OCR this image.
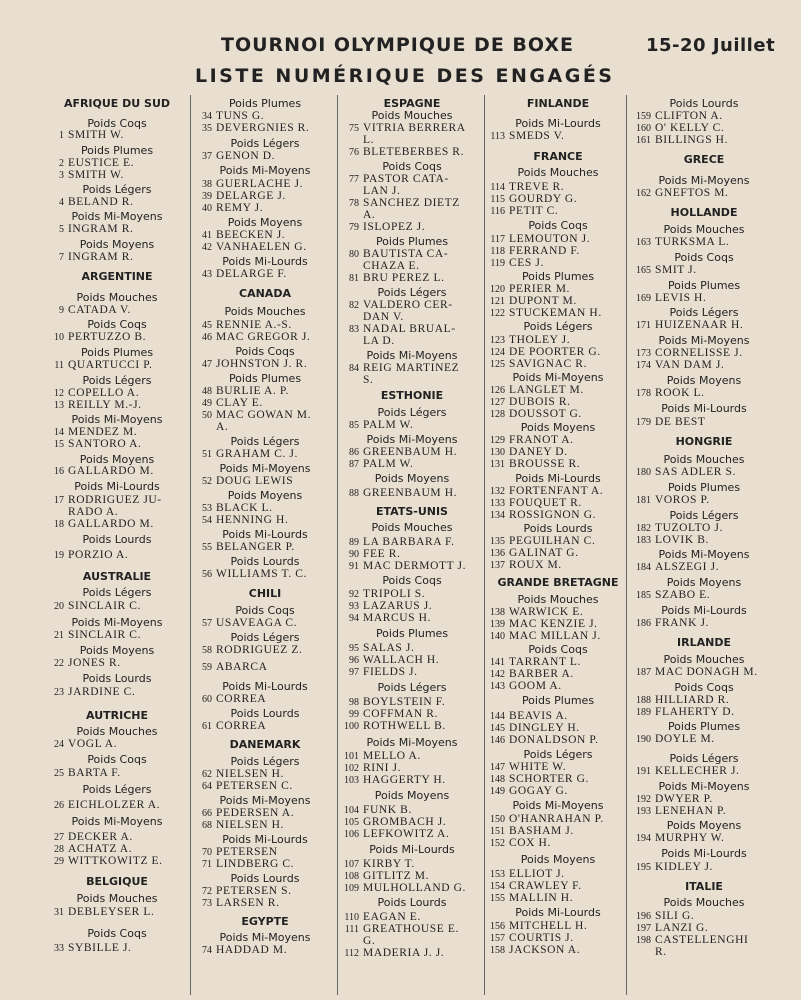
TOURNOI OLYMPIQUE DE BOXE	15-20 Juillet
LISTE NUMÉRIQUE DES ENGAGÉS
AFRIQUE DU SUD
Poids Coqs
1 SMITH W.
Poids Plumes
2 EUSTICE E.
3 SMITH W.
Poids Légers
4 BELAND R.
Poids Mi-Moyens
5 INGRAM R.
Poids Moyens
7 INGRAM R.
ARGENTINE
Poids Mouches
9 CATADA V.
Poids Coqs
10 PERTUZZO B.
Poids Plumes
11 QUARTUCCI P.
Poids Légers
12 COPELLO A.
13 REILLY M.-J.
Poids Mi-Moyens
14 MENDEZ M.
15 SANTORO A.
Poids Moyens
16 GALLARDO M.
Poids Mi-Lourds
17 RODRIGUEZ JU-
RADO A.
18 GALLARDO M.
Poids Lourds
19 PORZIO A.
AUSTRALIE
Poids Légers
20 SINCLAIR C.
Poids Mi-Moyens
21 SINCLAIR C.
Poids Moyens
22 JONES R.
Poids Lourds
23 JARDINE C.
AUTRICHE
Poids Mouches
24 VOGL A.
Poids Coqs
25 BARTA F.
Poids Légers
26 EICHLOLZER A.
Poids Mi-Moyens
27 DECKER A.
28 ACHATZ A.
29 WITTKOWITZ E.
BELGIQUE
Poids Mouches
31 DEBLEYSER L.
Poids Coqs
33 SYBILLE J.
Poids Plumes
34 TUNS G.
35 DEVERGNIES R.
Poids Légers
37 GENON D.
Poids Mi-Moyens
38 GUERLACHE J.
39 DELARGE J.
40 REMY J.
Poids Moyens
41 BEECKEN J.
42 VANHAELEN G.
Poids Mi-Lourds
43 DELARGE F.
CANADA
Poids Mouches
45 RENNIE A.-S.
46 MAC GREGOR J.
Poids Coqs
47 JOHNSTON J. R.
Poids Plumes
48 BURLIE A. P.
49 CLAY E.
50 MAC GOWAN M.
A.
Poids Légers
51 GRAHAM C. J.
Poids Mi-Moyens
52 DOUG LEWIS
Poids Moyens
53 BLACK L.
54 HENNING H.
Poids Mi-Lourds
55 BELANGER P.
Poids Lourds
56 WILLIAMS T. C.
CHILI
Poids Coqs
57 USAVEAGA C.
Poids Légers
58 RODRIGUEZ Z.
59 ABARCA
Poids Mi-Lourds
60 CORREA
Poids Lourds
61 CORREA
DANEMARK
Poids Légers
62 NIELSEN H.
64 PETERSEN C.
Poids Mi-Moyens
66 PEDERSEN A.
68 NIELSEN H.
Poids Mi-Lourds
70 PETERSEN
71 LINDBERG C.
Poids Lourds
72 PETERSEN S.
73 LARSEN R.
EGYPTE
Poids Mi-Moyens
74 HADDAD M.
ESPAGNE
Poids Mouches
75 VITRIA BERRERA
L.
76 BLETEBERBES R.
Poids Coqs
77 PASTOR CATA-
LAN J.
78 SANCHEZ DIETZ
A.
79 ISLOPEZ J.
Poids Plumes
80 BAUTISTA CA-
CHAZA E.
81 BRU PEREZ L.
Poids Légers
82 VALDERO CER-
DAN V.
83 NADAL BRUAL-
LA D.
Poids Mi-Moyens
84 REIG MARTINEZ
S.
ESTHONIE
Poids Légers
85 PALM W.
Poids Mi-Moyens
86 GREENBAUM H.
87 PALM W.
Poids Moyens
88 GREENBAUM H.
ETATS-UNIS
Poids Mouches
89 LA BARBARA F.
90 FEE R.
91 MAC DERMOTT J.
Poids Coqs
92 TRIPOLI S.
93 LAZARUS J.
94 MARCUS H.
Poids Plumes
95 SALAS J.
96 WALLACH H.
97 FIELDS J.
Poids Légers
98 BOYLSTEIN F.
99 COFFMAN R.
100 ROTHWELL B.
Poids Mi-Moyens
101 MELLO A.
102 RINI J.
103 HAGGERTY H.
Poids Moyens
104 FUNK B.
105 GROMBACH J.
106 LEFKOWITZ A.
Poids Mi-Lourds
107 KIRBY T.
108 GITLITZ M.
109 MULHOLLAND G.
Poids Lourds
110 EAGAN E.
111 GREATHOUSE E.
G.
112 MADERIA J. J.
FINLANDE
Poids Mi-Lourds
113 SMEDS V.
FRANCE
Poids Mouches
114 TREVE R.
115 GOURDY G.
116 PETIT C.
Poids Coqs
117 LEMOUTON J.
118 FERRAND F.
119 CES J.
Poids Plumes
120 PERIER M.
121 DUPONT M.
122 STUCKEMAN H.
Poids Légers
123 THOLEY J.
124 DE POORTER G.
125 SAVIGNAC R.
Poids Mi-Moyens
126 LANGLET M.
127 DUBOIS R.
128 DOUSSOT G.
Poids Moyens
129 FRANOT A.
130 DANEY D.
131 BROUSSE R.
Poids Mi-Lourds
132 FORTENFANT A.
133 FOUQUET R.
134 ROSSIGNON G.
Poids Lourds
135 PEGUILHAN C.
136 GALINAT G.
137 ROUX M.
GRANDE BRETAGNE
Poids Mouches
138 WARWICK E.
139 MAC KENZIE J.
140 MAC MILLAN J.
Poids Coqs
141 TARRANT L.
142 BARBER A.
143 GOOM A.
Poids Plumes
144 BEAVIS A.
145 DINGLEY H.
146 DONALDSON P.
Poids Légers
147 WHITE W.
148 SCHORTER G.
149 GOGAY G.
Poids Mi-Moyens
150 O'HANRAHAN P.
151 BASHAM J.
152 COX H.
Poids Moyens
153 ELLIOT J.
154 CRAWLEY F.
155 MALLIN H.
Poids Mi-Lourds
156 MITCHELL H.
157 COURTIS J.
158 JACKSON A.
Poids Lourds
159 CLIFTON A.
160 O' KELLY C.
161 BILLINGS H.
GRECE
Poids Mi-Moyens
162 GNEFTOS M.
HOLLANDE
Poids Mouches
163 TURKSMA L.
Poids Coqs
165 SMIT J.
Poids Plumes
169 LEVIS H.
Poids Légers
171 HUIZENAAR H.
Poids Mi-Moyens
173 CORNELISSE J.
174 VAN DAM J.
Poids Moyens
178 ROOK L.
Poids Mi-Lourds
179 DE BEST
HONGRIE
Poids Mouches
180 SAS ADLER S.
Poids Plumes
181 VOROS P.
Poids Légers
182 TUZOLTO J.
183 LOVIK B.
Poids Mi-Moyens
184 ALSZEGI J.
Poids Moyens
185 SZABO E.
Poids Mi-Lourds
186 FRANK J.
IRLANDE
Poids Mouches
187 MAC DONAGH M.
Poids Coqs
188 HILLIARD R.
189 FLAHERTY D.
Poids Plumes
190 DOYLE M.
Poids Légers
191 KELLECHER J.
Poids Mi-Moyens
192 DWYER P.
193 LENEHAN P.
Poids Moyens
194 MURPHY W.
Poids Mi-Lourds
195 KIDLEY J.
ITALIE
Poids Mouches
196 SILI G.
197 LANZI G.
198 CASTELLENGHI
R.
